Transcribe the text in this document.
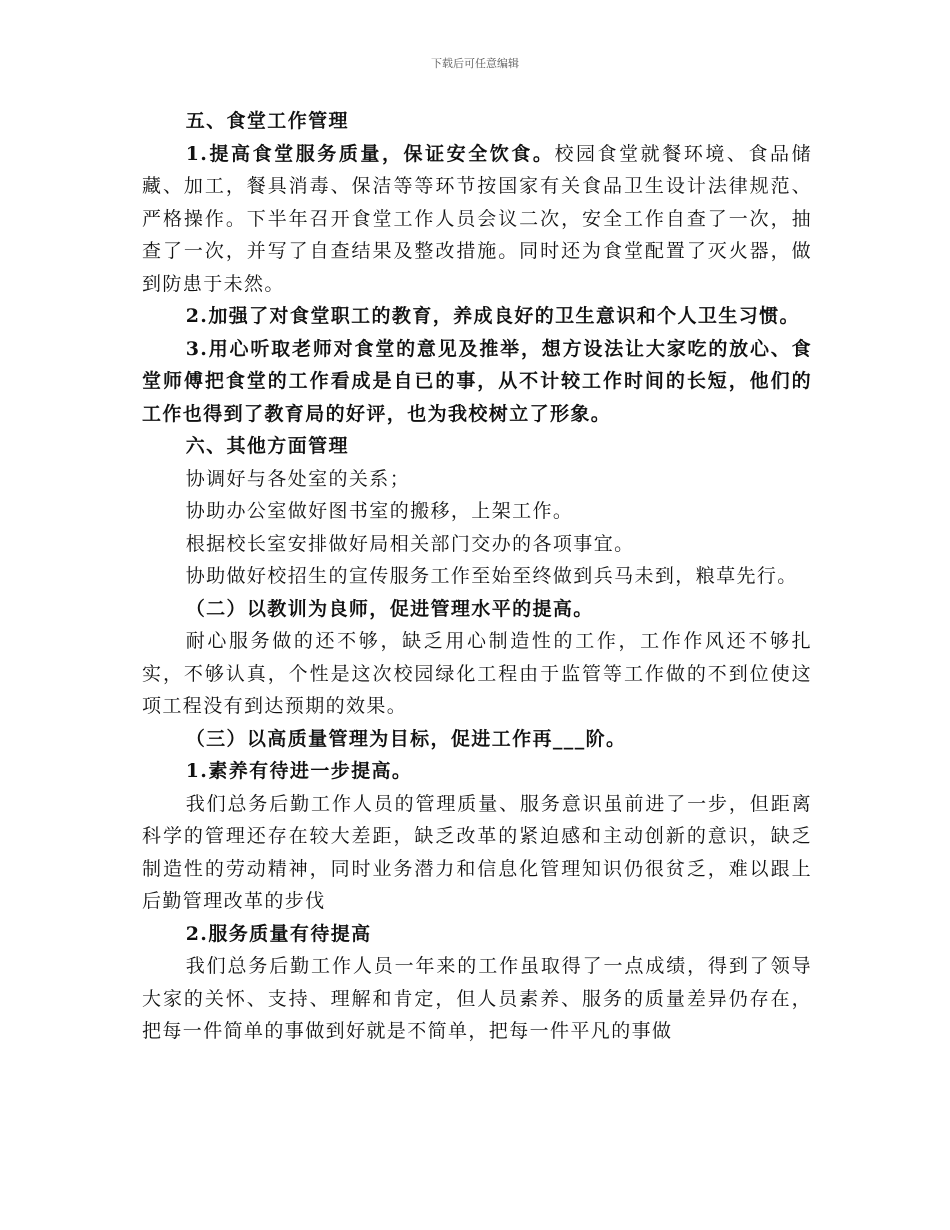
下载后可任意编辑

五、食堂工作管理

1.提高食堂服务质量，保证安全饮食。校园食堂就餐环境、食品储藏、加工，餐具消毒、保洁等等环节按国家有关食品卫生设计法律规范、严格操作。下半年召开食堂工作人员会议二次，安全工作自查了一次，抽查了一次，并写了自查结果及整改措施。同时还为食堂配置了灭火器，做到防患于未然。

2.加强了对食堂职工的教育，养成良好的卫生意识和个人卫生习惯。

3.用心听取老师对食堂的意见及推举，想方设法让大家吃的放心、食堂师傅把食堂的工作看成是自已的事，从不计较工作时间的长短，他们的工作也得到了教育局的好评，也为我校树立了形象。

六、其他方面管理

协调好与各处室的关系；

协助办公室做好图书室的搬移，上架工作。

根据校长室安排做好局相关部门交办的各项事宜。

协助做好校招生的宣传服务工作至始至终做到兵马未到，粮草先行。

（二）以教训为良师，促进管理水平的提高。

耐心服务做的还不够，缺乏用心制造性的工作，工作作风还不够扎实，不够认真，个性是这次校园绿化工程由于监管等工作做的不到位使这项工程没有到达预期的效果。

（三）以高质量管理为目标，促进工作再___阶。

1.素养有待进一步提高。

我们总务后勤工作人员的管理质量、服务意识虽前进了一步，但距离科学的管理还存在较大差距，缺乏改革的紧迫感和主动创新的意识，缺乏制造性的劳动精神，同时业务潜力和信息化管理知识仍很贫乏，难以跟上后勤管理改革的步伐

2.服务质量有待提高

我们总务后勤工作人员一年来的工作虽取得了一点成绩，得到了领导大家的关怀、支持、理解和肯定，但人员素养、服务的质量差异仍存在，把每一件简单的事做到好就是不简单，把每一件平凡的事做
